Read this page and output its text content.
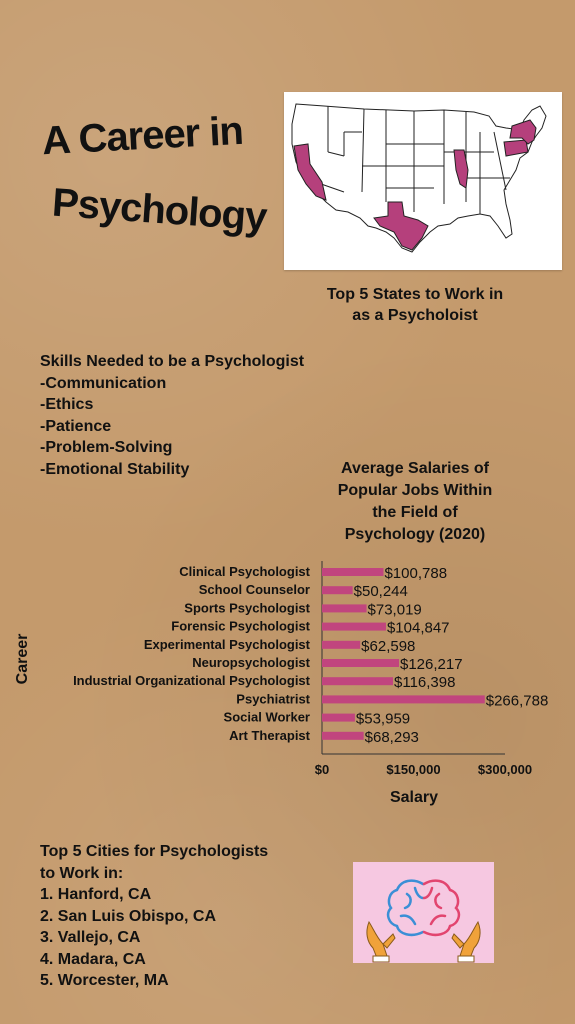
A Career in
Psychology
Top 5 States to Work in
as a Psycholoist
Skills Needed to be a Psychologist
-Communication
-Ethics
-Patience
-Problem-Solving
-Emotional Stability	Average Salaries of
Popular Jobs Within
the Field of
Psychology (2020)
Clinical Psychologist	$100,788
School Counselor	$50,244
Sports Psychologist	$73,019
Forensic Psychologist	$104,847
Experimental Psychologist	$62,598
Neuropsychologist	$126,217
Industrial Organizational Psychologist	$116,398
Psychiatrist	$266,788
Social Worker	$53,959
Art Therapist	$68,293
$0	$150,000	$300,000
Salary
Career
Top 5 Cities for Psychologists
to Work in:
1. Hanford, CA
2. San Luis Obispo, CA
3. Vallejo, CA
4. Madara, CA
5. Worcester, MA
